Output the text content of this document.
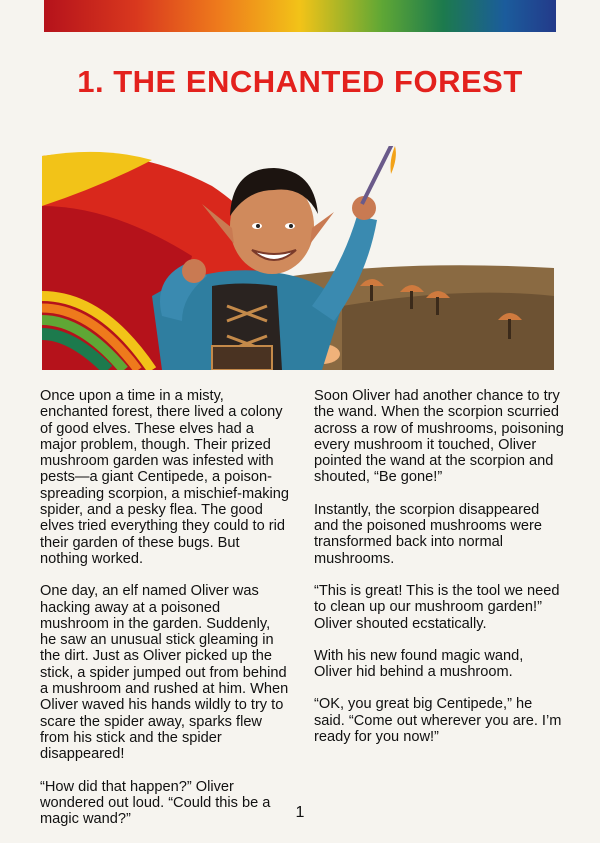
1. THE ENCHANTED FOREST

Once upon a time in a misty, enchanted forest, there lived a colony of good elves. These elves had a major problem, though. Their prized mushroom garden was infested with pests—a giant Centipede, a poison-spreading scorpion, a mischief-making spider, and a pesky flea. The good elves tried everything they could to rid their garden of these bugs. But nothing worked.

One day, an elf named Oliver was hacking away at a poisoned mushroom in the garden. Suddenly, he saw an unusual stick gleaming in the dirt. Just as Oliver picked up the stick, a spider jumped out from behind a mushroom and rushed at him. When Oliver waved his hands wildly to try to scare the spider away, sparks flew from his stick and the spider disappeared!

“How did that happen?” Oliver wondered out loud. “Could this be a magic wand?”

Soon Oliver had another chance to try the wand. When the scorpion scurried across a row of mushrooms, poisoning every mushroom it touched, Oliver pointed the wand at the scorpion and shouted, “Be gone!”

Instantly, the scorpion disappeared and the poisoned mushrooms were transformed back into normal mushrooms.

“This is great! This is the tool we need to clean up our mushroom garden!” Oliver shouted ecstatically.

With his new found magic wand, Oliver hid behind a mushroom.

“OK, you great big Centipede,” he said. “Come out wherever you are. I’m ready for you now!”

1
